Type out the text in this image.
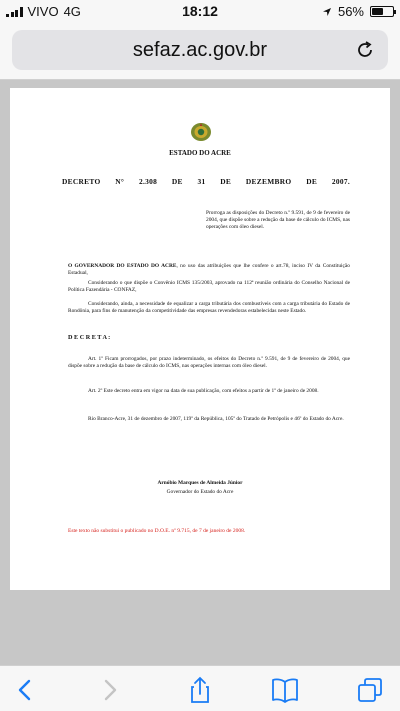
VIVO 4G	18:12	56%
sefaz.ac.gov.br
ESTADO DO ACRE
DECRETO N° 2.308 DE 31 DE DEZEMBRO DE 2007.
Prorroga as disposições do Decreto n.º 9.591, de 9 de fevereiro de 2004, que dispõe sobre a redução da base de cálculo do ICMS, nas operações com óleo diesel.
O GOVERNADOR DO ESTADO DO ACRE, no uso das atribuições que lhe confere o art.78, inciso IV da Constituição Estadual,
Considerando o que dispõe o Convênio ICMS 135/2003, aprovado na 112ª reunião ordinária do Conselho Nacional de Política Fazendária - CONFAZ,
Considerando, ainda, a necessidade de equalizar a carga tributária dos combustíveis com a carga tributária do Estado de Rondônia, para fins de manutenção da competitividade das empresas revendedoras estabelecidas neste Estado.
D E C R E T A :
Art. 1º Ficam prorrogados, por prazo indeterminado, os efeitos do Decreto n.º 9.591, de 9 de fevereiro de 2004, que dispõe sobre a redução da base de cálculo do ICMS, nas operações internas com óleo diesel.
Art. 2º Este decreto entra em vigor na data de sua publicação, com efeitos a partir de 1º de janeiro de 2008.
Rio Branco-Acre, 31 de dezembro de 2007, 119º da República, 105º do Tratado de Petrópolis e 46º do Estado do Acre.
Arnóbio Marques de Almeida Júnior
Governador do Estado do Acre
Este texto não substitui o publicado no D.O.E. nº 9.715, de 7 de janeiro de 2008.
